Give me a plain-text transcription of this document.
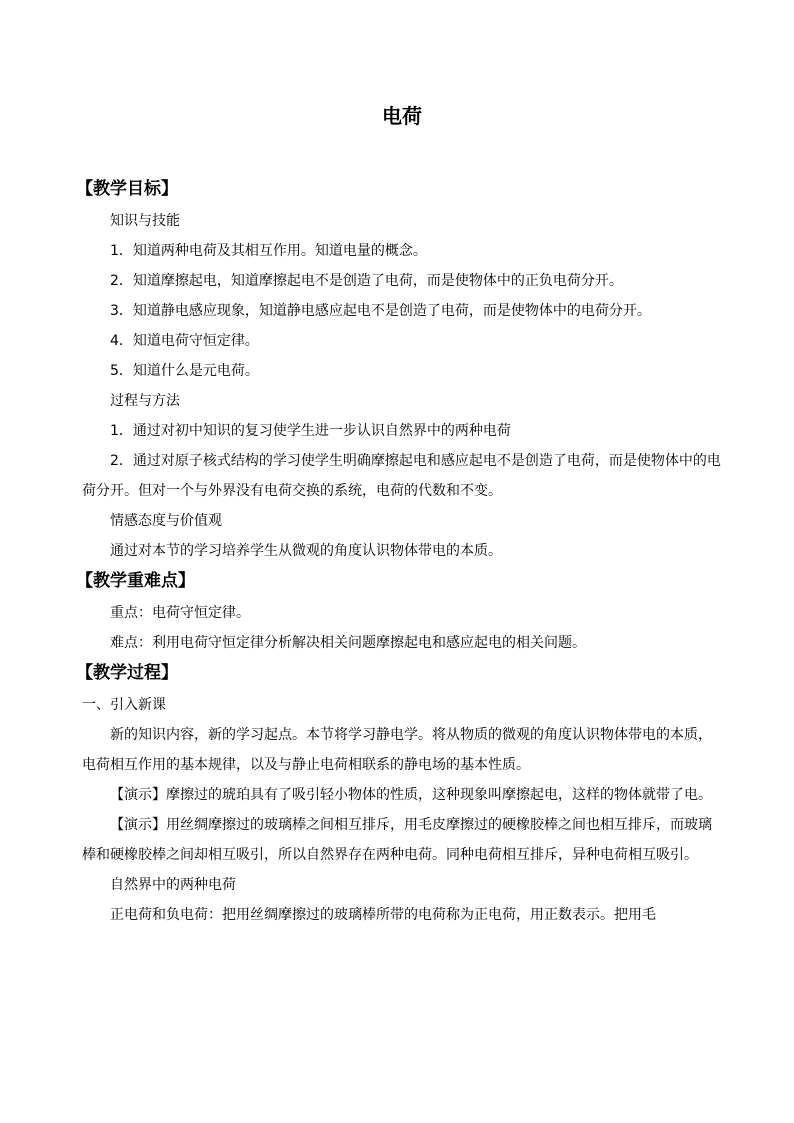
电荷
【教学目标】
知识与技能
1．知道两种电荷及其相互作用。知道电量的概念。
2．知道摩擦起电，知道摩擦起电不是创造了电荷，而是使物体中的正负电荷分开。
3．知道静电感应现象，知道静电感应起电不是创造了电荷，而是使物体中的电荷分开。
4．知道电荷守恒定律。
5．知道什么是元电荷。
过程与方法
1．通过对初中知识的复习使学生进一步认识自然界中的两种电荷
2．通过对原子核式结构的学习使学生明确摩擦起电和感应起电不是创造了电荷，而是使物体中的电荷分开。但对一个与外界没有电荷交换的系统，电荷的代数和不变。
情感态度与价值观
通过对本节的学习培养学生从微观的角度认识物体带电的本质。
【教学重难点】
重点：电荷守恒定律。
难点：利用电荷守恒定律分析解决相关问题摩擦起电和感应起电的相关问题。
【教学过程】
一、引入新课
新的知识内容，新的学习起点。本节将学习静电学。将从物质的微观的角度认识物体带电的本质，电荷相互作用的基本规律，以及与静止电荷相联系的静电场的基本性质。
【演示】摩擦过的琥珀具有了吸引轻小物体的性质，这种现象叫摩擦起电，这样的物体就带了电。
【演示】用丝绸摩擦过的玻璃棒之间相互排斥，用毛皮摩擦过的硬橡胶棒之间也相互排斥，而玻璃棒和硬橡胶棒之间却相互吸引，所以自然界存在两种电荷。同种电荷相互排斥，异种电荷相互吸引。
自然界中的两种电荷
正电荷和负电荷：把用丝绸摩擦过的玻璃棒所带的电荷称为正电荷，用正数表示。把用毛
